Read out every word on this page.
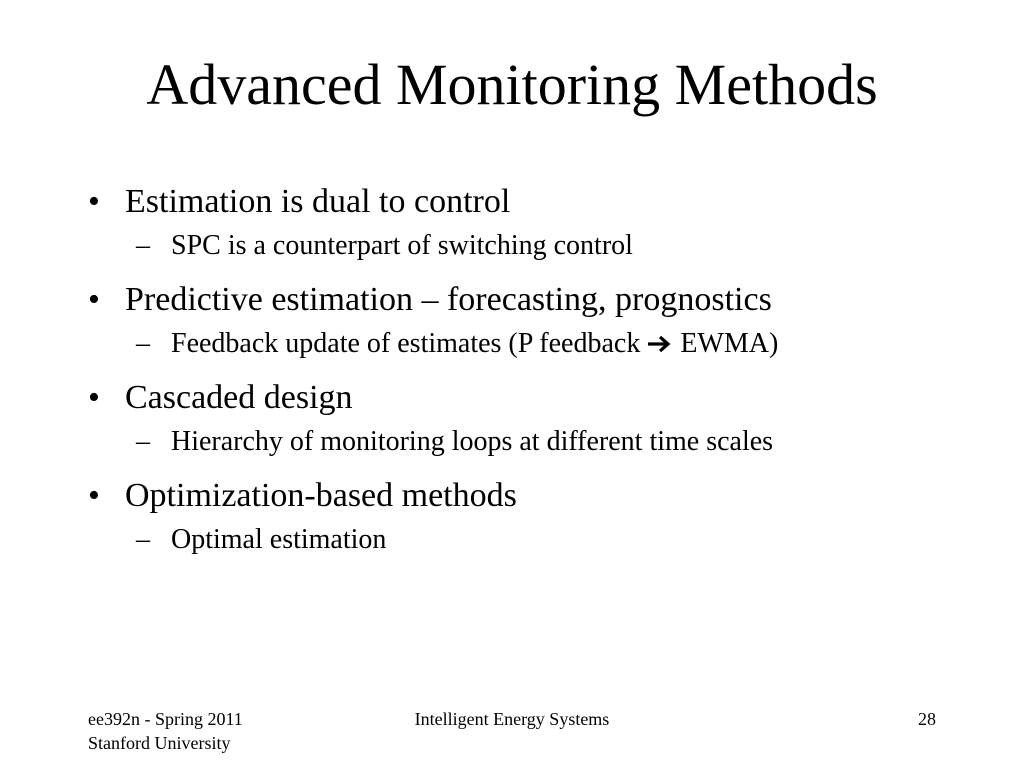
Advanced Monitoring Methods
• Estimation is dual to control
– SPC is a counterpart of switching control
• Predictive estimation – forecasting, prognostics
– Feedback update of estimates (P feedback  EWMA)
• Cascaded design
– Hierarchy of monitoring loops at different time scales
• Optimization-based methods
– Optimal estimation
ee392n - Spring 2011
Stanford University
Intelligent Energy Systems	28
